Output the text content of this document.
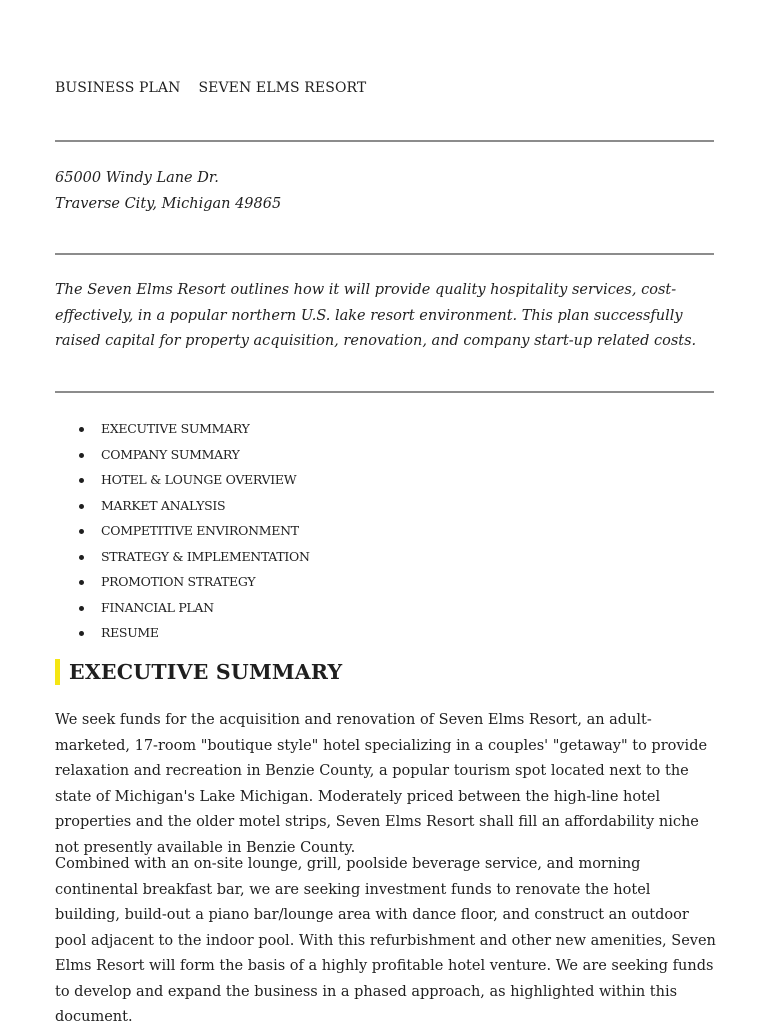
BUSINESS PLAN SEVEN ELMS RESORT
65000 Windy Lane Dr.
Traverse City, Michigan 49865
The Seven Elms Resort outlines how it will provide quality hospitality services, cost-effectively, in a popular northern U.S. lake resort environment. This plan successfully raised capital for property acquisition, renovation, and company start-up related costs.
EXECUTIVE SUMMARY
COMPANY SUMMARY
HOTEL & LOUNGE OVERVIEW
MARKET ANALYSIS
COMPETITIVE ENVIRONMENT
STRATEGY & IMPLEMENTATION
PROMOTION STRATEGY
FINANCIAL PLAN
RESUME
EXECUTIVE SUMMARY

We seek funds for the acquisition and renovation of Seven Elms Resort, an adult-marketed, 17-room "boutique style" hotel specializing in a couples' "getaway" to provide relaxation and recreation in Benzie County, a popular tourism spot located next to the state of Michigan's Lake Michigan. Moderately priced between the high-line hotel properties and the older motel strips, Seven Elms Resort shall fill an affordability niche not presently available in Benzie County.

Combined with an on-site lounge, grill, poolside beverage service, and morning continental breakfast bar, we are seeking investment funds to renovate the hotel building, build-out a piano bar/lounge area with dance floor, and construct an outdoor pool adjacent to the indoor pool. With this refurbishment and other new amenities, Seven Elms Resort will form the basis of a highly profitable hotel venture. We are seeking funds to develop and expand the business in a phased approach, as highlighted within this document.
